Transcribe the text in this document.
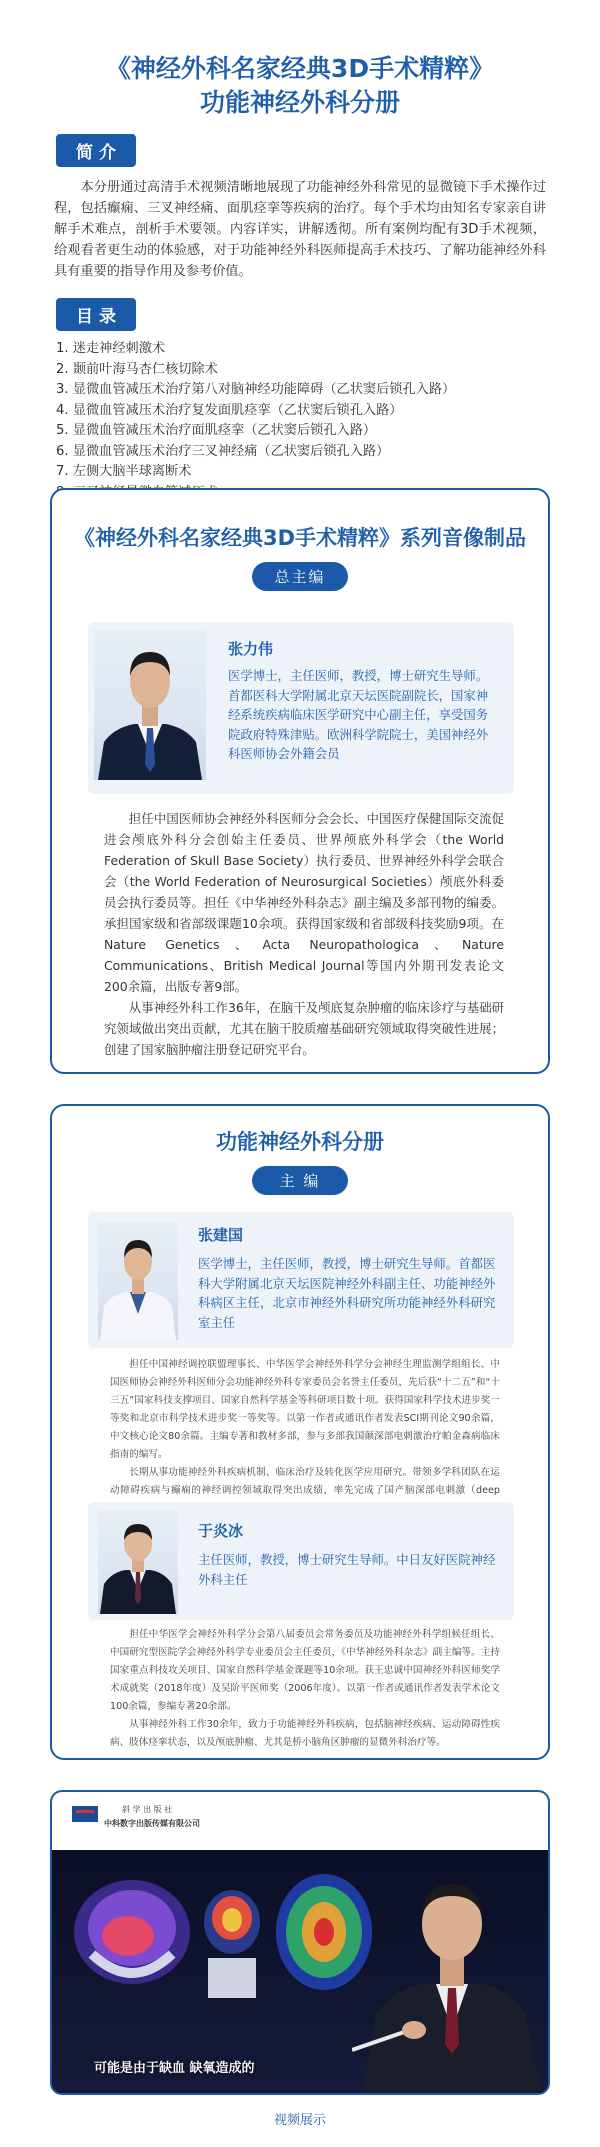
《神经外科名家经典3D手术精粹》
功能神经外科分册
简介
本分册通过高清手术视频清晰地展现了功能神经外科常见的显微镜下手术操作过程，包括癫痫、三叉神经痛、面肌痉挛等疾病的治疗。每个手术均由知名专家亲自讲解手术难点，剖析手术要领。内容详实，讲解透彻。所有案例均配有3D手术视频，给观看者更生动的体验感，对于功能神经外科医师提高手术技巧、了解功能神经外科具有重要的指导作用及参考价值。
目录
1. 迷走神经刺激术
2. 颞前叶海马杏仁核切除术
3. 显微血管减压术治疗第八对脑神经功能障碍（乙状窦后锁孔入路）
4. 显微血管减压术治疗复发面肌痉挛（乙状窦后锁孔入路）
5. 显微血管减压术治疗面肌痉挛（乙状窦后锁孔入路）
6. 显微血管减压术治疗三叉神经痛（乙状窦后锁孔入路）
7. 左侧大脑半球离断术
《神经外科名家经典3D手术精粹》系列音像制品
总主编
张力伟
医学博士，主任医师，教授，博士研究生导师。首都医科大学附属北京天坛医院副院长，国家神经系统疾病临床医学研究中心副主任，享受国务院政府特殊津贴。欧洲科学院院士，美国神经外科医师协会外籍会员

担任中国医师协会神经外科医师分会会长、中国医疗保健国际交流促进会颅底外科分会创始主任委员、世界颅底外科学会（the World Federation of Skull Base Society）执行委员、世界神经外科学会联合会（the World Federation of Neurosurgical Societies）颅底外科委员会执行委员等。担任《中华神经外科杂志》副主编及多部刊物的编委。承担国家级和省部级课题10余项。获得国家级和省部级科技奖励9项。在Nature Genetics、Acta Neuropathologica、Nature Communications、British Medical Journal等国内外期刊发表论文200余篇，出版专著9部。

从事神经外科工作36年，在脑干及颅底复杂肿瘤的临床诊疗与基础研究领域做出突出贡献，尤其在脑干胶质瘤基础研究领域取得突破性进展；创建了国家脑肿瘤注册登记研究平台。

功能神经外科分册
主 编
张建国
医学博士，主任医师，教授，博士研究生导师。首都医科大学附属北京天坛医院神经外科副主任、功能神经外科病区主任，北京市神经外科研究所功能神经外科研究室主任

担任中国神经调控联盟理事长、中华医学会神经外科学分会神经生理监测学组组长、中国医师协会神经外科医师分会功能神经外科专家委员会名誉主任委员，先后获“十二五”和“十三五”国家科技支撑项目、国家自然科学基金等科研项目数十项。获得国家科学技术进步奖一等奖和北京市科学技术进步奖一等奖等。以第一作者或通讯作者发表SCI期刊论文90余篇，中文核心论文80余篇。主编专著和教材多部，参与多部我国颠深部电刺激治疗帕金森病临床指南的编写。

长期从事功能神经外科疾病机制、临床治疗及转化医学应用研究。带领多学科团队在运动障碍疾病与癫痫的神经调控领域取得突出成绩，率先完成了国产脑深部电刺激（deep

于炎冰
主任医师，教授，博士研究生导师。中日友好医院神经外科主任

担任中华医学会神经外科学分会第八届委员会常务委员及功能神经外科学组候任组长、中国研究型医院学会神经外科学专业委员会主任委员，《中华神经外科杂志》副主编等。主持国家重点科技攻关项目、国家自然科学基金课题等10余项。获王忠诚中国神经外科医师奖学术成就奖（2018年度）及吴阶平医师奖（2006年度）。以第一作者或通讯作者发表学术论文100余篇，参编专著20余部。

从事神经外科工作30余年，致力于功能神经外科疾病，包括脑神经疾病、运动障碍性疾病、肢体痉挛状态，以及颅底肿瘤、尤其是桥小脑角区肿瘤的显微外科治疗等。

斜 学 出 版 社
中科数字出版传媒有限公司
可能是由于缺血 缺氧造成的
视频展示
